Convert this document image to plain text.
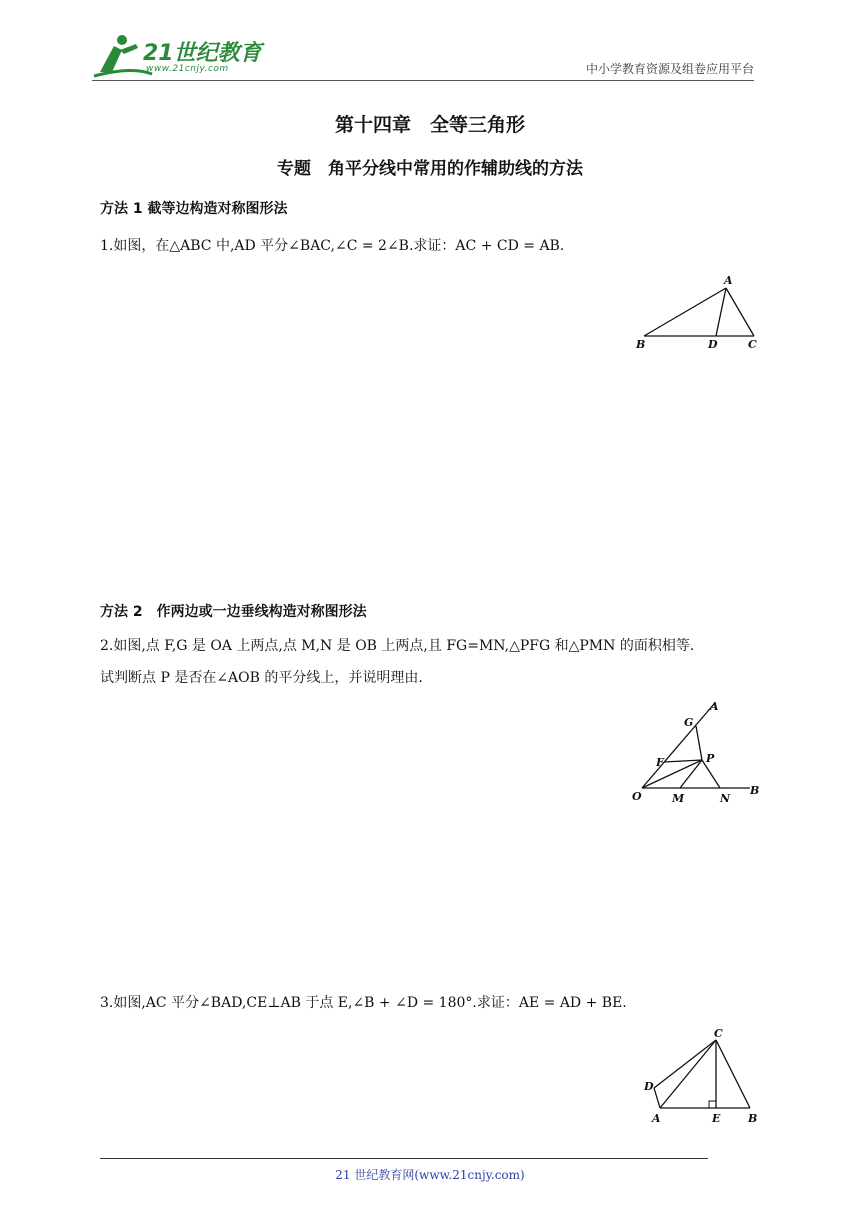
21世纪教育
www.21cnjy.com	中小学教育资源及组卷应用平台
第十四章　全等三角形
专题　角平分线中常用的作辅助线的方法
方法 1 截等边构造对称图形法
1.如图，在△ABC 中,AD 平分∠BAC,∠C = 2∠B.求证：AC + CD = AB.
A
B	D	C
方法 2　作两边或一边垂线构造对称图形法
2.如图,点 F,G 是 OA 上两点,点 M,N 是 OB 上两点,且 FG=MN,△PFG 和△PMN 的面积相等.
试判断点 P 是否在∠AOB 的平分线上，并说明理由.
A
G
F	P
O	M	N
B
3.如图,AC 平分∠BAD,CE⊥AB 于点 E,∠B + ∠D = 180°.求证：AE = AD + BE.
C
D
A	E	B
21 世纪教育网(www.21cnjy.com)
